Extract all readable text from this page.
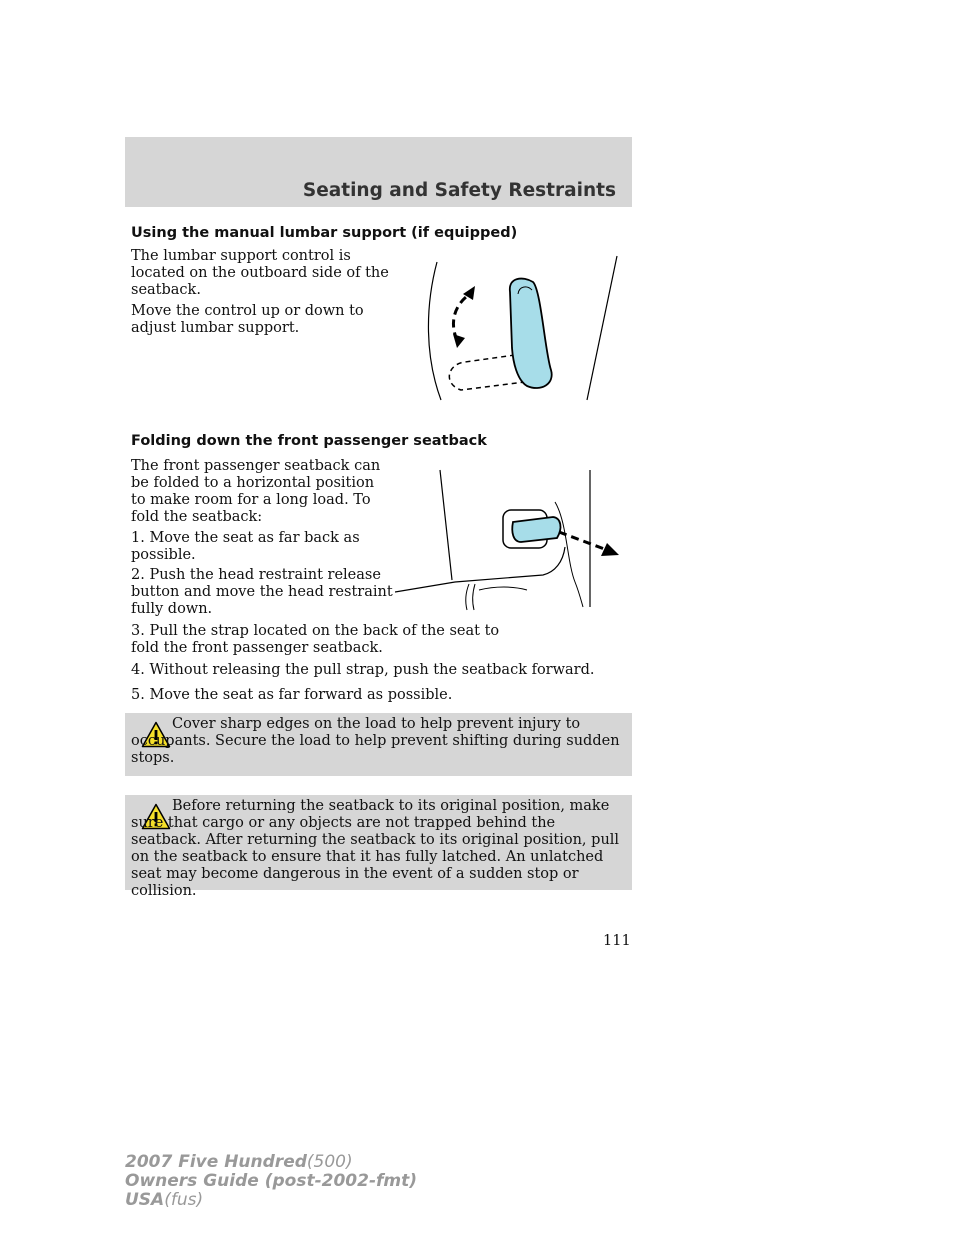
Seating and Safety Restraints
Using the manual lumbar support (if equipped)
The lumbar support control is located on the outboard side of the seatback.
Move the control up or down to adjust lumbar support.
Folding down the front passenger seatback
The front passenger seatback can be folded to a horizontal position to make room for a long load. To fold the seatback:
1. Move the seat as far back as possible.
2. Push the head restraint release button and move the head restraint fully down.
3. Pull the strap located on the back of the seat to fold the front passenger seatback.
4. Without releasing the pull strap, push the seatback forward.
5. Move the seat as far forward as possible.
Cover sharp edges on the load to help prevent injury to occupants. Secure the load to help prevent shifting during sudden stops.
Before returning the seatback to its original position, make sure that cargo or any objects are not trapped behind the seatback. After returning the seatback to its original position, pull on the seatback to ensure that it has fully latched. An unlatched seat may become dangerous in the event of a sudden stop or collision.
111
2007 Five Hundred(500)
Owners Guide (post-2002-fmt)
USA(fus)
